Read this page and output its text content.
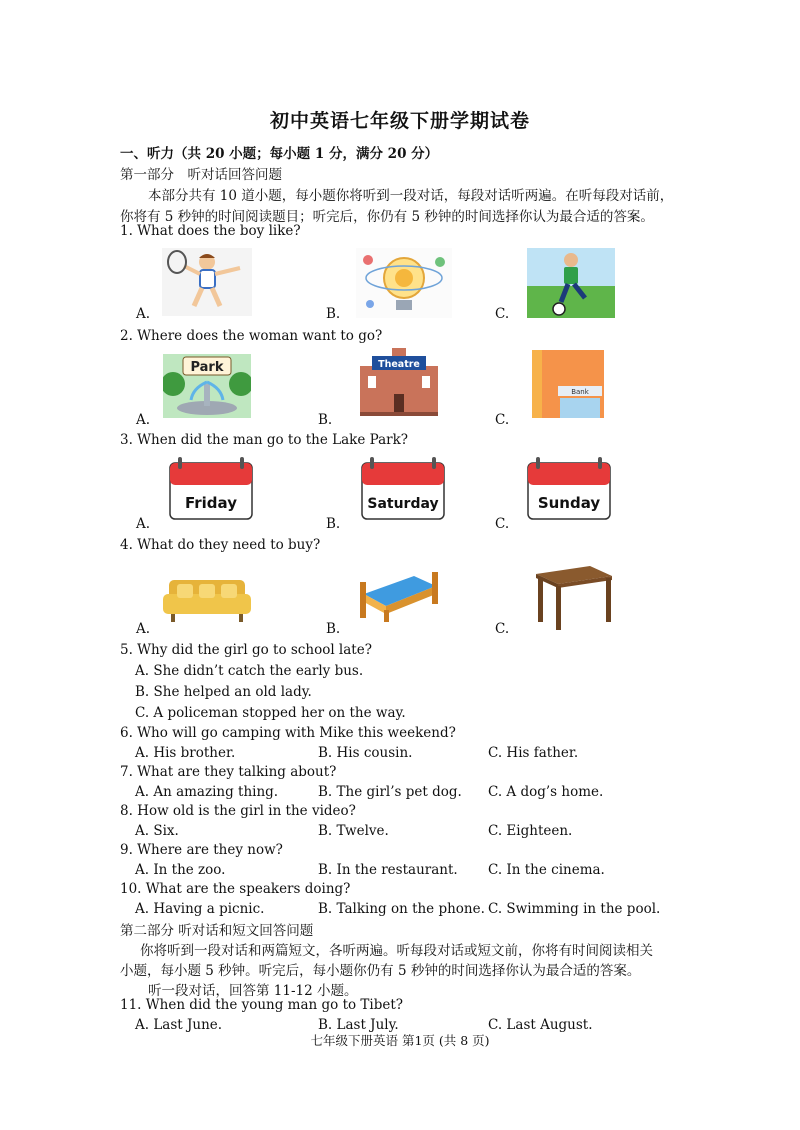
初中英语七年级下册学期试卷
一、听力（共 20 小题；每小题 1 分，满分 20 分）
第一部分　听对话回答问题
本部分共有 10 道小题，每小题你将听到一段对话，每段对话听两遍。在听每段对话前，
你将有 5 秒钟的时间阅读题目；听完后，你仍有 5 秒钟的时间选择你认为最合适的答案。
1. What does the boy like?
A.	B.	C.
2. Where does the woman want to go?
A.	B.	C.
Park	Theatre
Bank
3. When did the man go to the Lake Park?
A.	B.	C.
Friday	Saturday	Sunday
4. What do they need to buy?
A.	B.	C.
5. Why did the girl go to school late?
A. She didn’t catch the early bus.
B. She helped an old lady.
C. A policeman stopped her on the way.
6. Who will go camping with Mike this weekend?
A. His brother.	B. His cousin.	C. His father.
7. What are they talking about?
A. An amazing thing.	B. The girl’s pet dog. C. A dog’s home.
8. How old is the girl in the video?
A. Six.	B. Twelve.	C. Eighteen.
9. Where are they now?
A. In the zoo.	B. In the restaurant. C. In the cinema.
10. What are the speakers doing?
A. Having a picnic.	B. Talking on the phone. C. Swimming in the pool.
第二部分 听对话和短文回答问题
你将听到一段对话和两篇短文，各听两遍。听每段对话或短文前，你将有时间阅读相关
小题，每小题 5 秒钟。听完后，每小题你仍有 5 秒钟的时间选择你认为最合适的答案。
听一段对话，回答第 11-12 小题。
11. When did the young man go to Tibet?
A. Last June.	B. Last July.	C. Last August.
七年级下册英语 第1页 (共 8 页)
